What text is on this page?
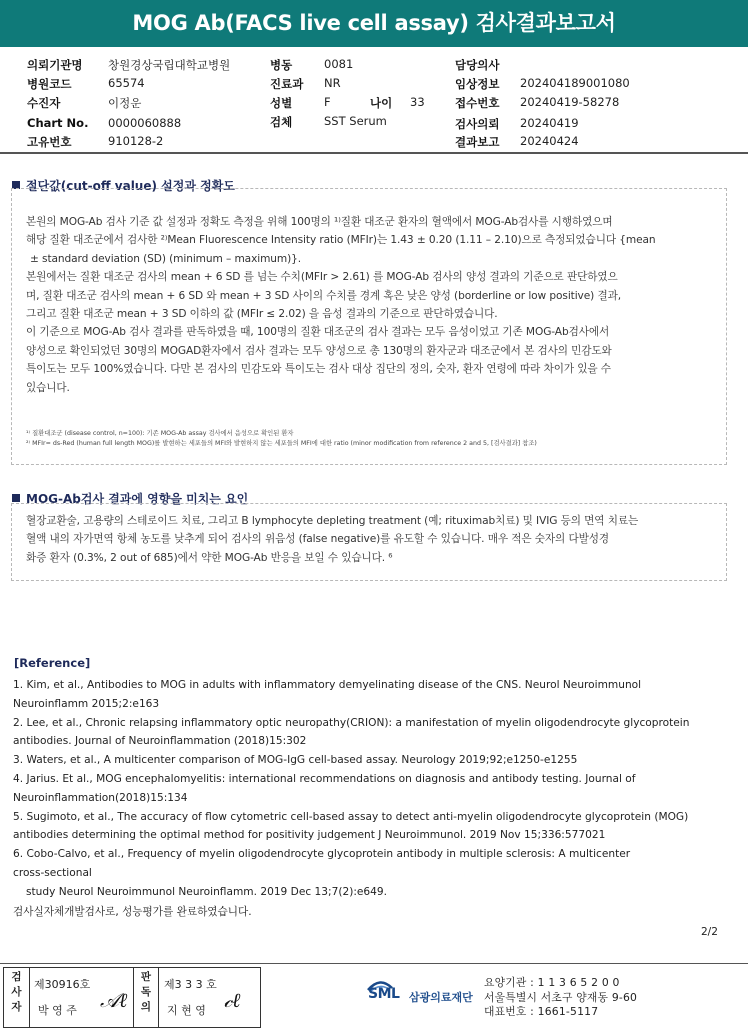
MOG Ab(FACS live cell assay) 검사결과보고서
의뢰기관명 창원경상국립대학교병원
병원코드	65574
수진자	이정운
Chart No. 0000060888
고유번호	910128-2
병동	0081
진료과 NR
성별	F	나이 33
검체	SST Serum
담당의사
임상정보 202404189001080
접수번호 20240419-58278
검사의뢰 20240419
결과보고 20240424
절단값(cut-off value) 설정과 정확도

본원의 MOG-Ab 검사 기준 값 설정과 정확도 측정을 위해 100명의 ¹⁾질환 대조군 환자의 혈액에서 MOG-Ab검사를 시행하였으며

해당 질환 대조군에서 검사한 ²⁾Mean Fluorescence Intensity ratio (MFIr)는 1.43 ± 0.20 (1.11 – 2.10)으로 측정되었습니다 {mean

± standard deviation (SD) (minimum – maximum)}.

본원에서는 질환 대조군 검사의 mean + 6 SD 를 넘는 수치(MFIr > 2.61) 를 MOG-Ab 검사의 양성 결과의 기준으로 판단하였으

며, 질환 대조군 검사의 mean + 6 SD 와 mean + 3 SD 사이의 수치를 경계 혹은 낮은 양성 (borderline or low positive) 결과,

그리고 질환 대조군 mean + 3 SD 이하의 값 (MFIr ≤ 2.02) 을 음성 결과의 기준으로 판단하였습니다.

이 기준으로 MOG-Ab 검사 결과를 판독하였을 때, 100명의 질환 대조군의 검사 결과는 모두 음성이었고 기존 MOG-Ab검사에서

양성으로 확인되었던 30명의 MOGAD환자에서 검사 결과는 모두 양성으로 총 130명의 환자군과 대조군에서 본 검사의 민감도와

특이도는 모두 100%였습니다. 다만 본 검사의 민감도와 특이도는 검사 대상 집단의 정의, 숫자, 환자 연령에 따라 차이가 있을 수

있습니다.

¹⁾ 질환대조군 (disease control, n=100): 기존 MOG-Ab assay 검사에서 음성으로 확인된 환자

²⁾ MFIr= ds-Red (human full length MOG)를 발현하는 세포들의 MFI와 발현하지 않는 세포들의 MFI에 대한 ratio (minor modification from reference 2 and 5, [검사결과] 참조)

MOG-Ab검사 결과에 영향을 미치는 요인

혈장교환술, 고용량의 스테로이드 치료, 그리고 B lymphocyte depleting treatment (예; rituximab치료) 및 IVIG 등의 면역 치료는

혈액 내의 자가면역 항체 농도를 낮추게 되어 검사의 위음성 (false negative)를 유도할 수 있습니다. 매우 적은 숫자의 다발성경

화증 환자 (0.3%, 2 out of 685)에서 약한 MOG-Ab 반응을 보일 수 있습니다. ⁶

[Reference]
1. Kim, et al., Antibodies to MOG in adults with inflammatory demyelinating disease of the CNS. Neurol Neuroimmunol
Neuroinflamm 2015;2:e163
2. Lee, et al., Chronic relapsing inflammatory optic neuropathy(CRION): a manifestation of myelin oligodendrocyte glycoprotein
antibodies. Journal of Neuroinflammation (2018)15:302
3. Waters, et al., A multicenter comparison of MOG-IgG cell-based assay. Neurology 2019;92;e1250-e1255
4. Jarius. Et al., MOG encephalomyelitis: international recommendations on diagnosis and antibody testing. Journal of
Neuroinflammation(2018)15:134
5. Sugimoto, et al., The accuracy of flow cytometric cell-based assay to detect anti-myelin oligodendrocyte glycoprotein (MOG)
antibodies determining the optimal method for positivity judgement J Neuroimmunol. 2019 Nov 15;336:577021
6. Cobo-Calvo, et al., Frequency of myelin oligodendrocyte glycoprotein antibody in multiple sclerosis: A multicenter
cross-sectional
study Neurol Neuroimmunol Neuroinflamm. 2019 Dec 13;7(2):e649.
검사실자체개발검사로, 성능평가를 완료하였습니다.
2/2
검사자
제30916호
박 영 주 𝒜ℓ
판독의
제3 3 3 호
지 현 영 𝒸ℓ	SML 삼광의료재단
요양기관 : 1 1 3 6 5 2 0 0
서울특별시 서초구 양재동 9-60
대표번호 : 1661-5117
